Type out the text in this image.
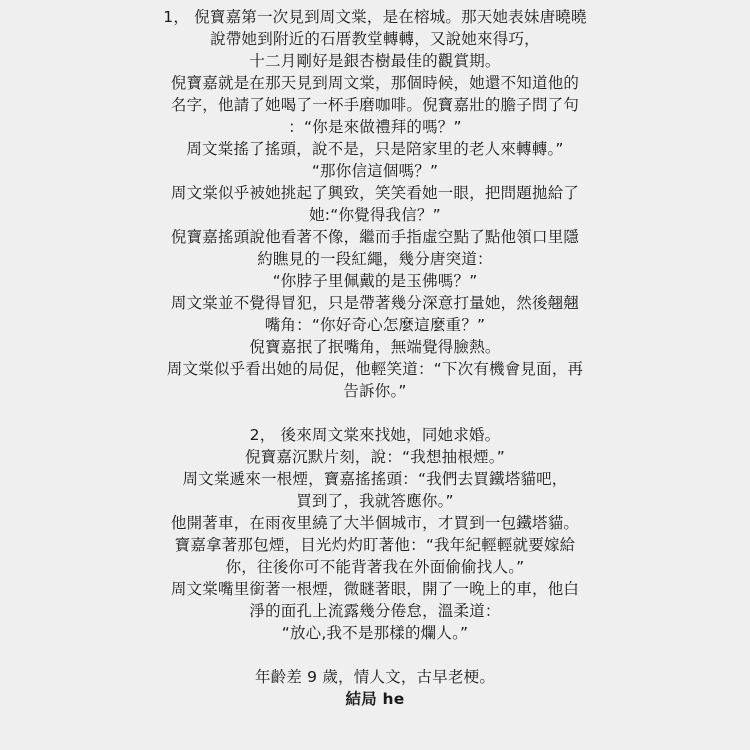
1， 倪寶嘉第一次見到周文棠，是在榕城。那天她表妹唐曉曉
說帶她到附近的石厝教堂轉轉，又說她來得巧，
十二月剛好是銀杏樹最佳的觀賞期。
倪寶嘉就是在那天見到周文棠，那個時候，她還不知道他的
名字，他請了她喝了一杯手磨咖啡。倪寶嘉壯的膽子問了句
：“你是來做禮拜的嗎？”
周文棠搖了搖頭，說不是，只是陪家里的老人來轉轉。”
“那你信這個嗎？”
周文棠似乎被她挑起了興致，笑笑看她一眼，把問題拋給了
她:“你覺得我信？”
倪寶嘉搖頭說他看著不像，繼而手指虛空點了點他領口里隱
約瞧見的一段紅繩，幾分唐突道：
“你脖子里佩戴的是玉佛嗎？”
周文棠並不覺得冒犯，只是帶著幾分深意打量她，然後翹翹
嘴角：“你好奇心怎麼這麼重？”
倪寶嘉抿了抿嘴角，無端覺得臉熱。
周文棠似乎看出她的局促，他輕笑道：“下次有機會見面，再
告訴你。”
2， 後來周文棠來找她，同她求婚。
倪寶嘉沉默片刻，說：“我想抽根煙。”
周文棠遞來一根煙，寶嘉搖搖頭：“我們去買鐵塔貓吧，
買到了，我就答應你。”
他開著車，在雨夜里繞了大半個城市，才買到一包鐵塔貓。
寶嘉拿著那包煙，目光灼灼盯著他：“我年紀輕輕就要嫁給
你，往後你可不能背著我在外面偷偷找人。”
周文棠嘴里銜著一根煙，微瞇著眼，開了一晚上的車，他白
淨的面孔上流露幾分倦怠，溫柔道：
“放心,我不是那樣的爛人。”
年齡差 9 歲，情人文，古早老梗。
結局 he
